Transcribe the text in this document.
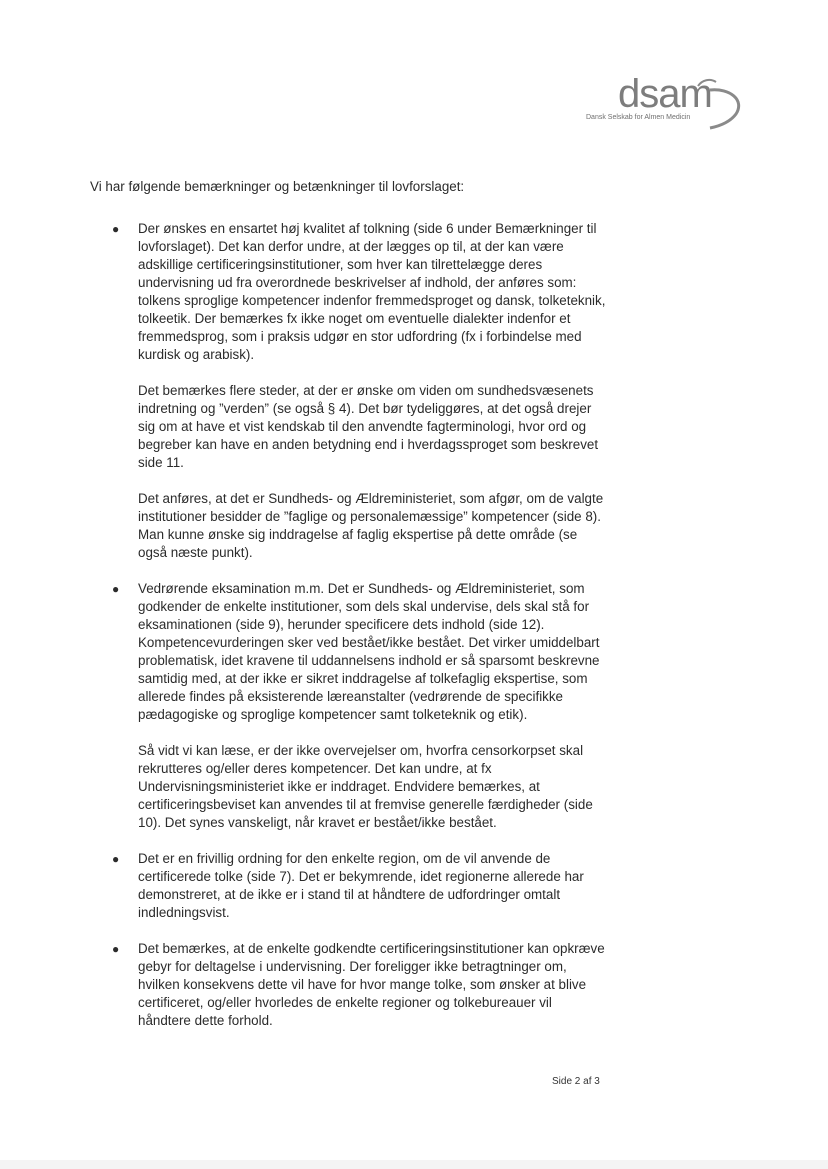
dsam
Dansk Selskab for Almen Medicin

Vi har følgende bemærkninger og betænkninger til lovforslaget:

● Der ønskes en ensartet høj kvalitet af tolkning (side 6 under Bemærkninger til lovforslaget). Det kan derfor undre, at der lægges op til, at der kan være adskillige certificeringsinstitutioner, som hver kan tilrettelægge deres undervisning ud fra overordnede beskrivelser af indhold, der anføres som: tolkens sproglige kompetencer indenfor fremmedsproget og dansk, tolketeknik, tolkeetik. Der bemærkes fx ikke noget om eventuelle dialekter indenfor et fremmedsprog, som i praksis udgør en stor udfordring (fx i forbindelse med kurdisk og arabisk).

Det bemærkes flere steder, at der er ønske om viden om sundhedsvæsenets indretning og ”verden” (se også § 4). Det bør tydeliggøres, at det også drejer sig om at have et vist kendskab til den anvendte fagterminologi, hvor ord og begreber kan have en anden betydning end i hverdagssproget som beskrevet side 11.

Det anføres, at det er Sundheds- og Ældreministeriet, som afgør, om de valgte institutioner besidder de ”faglige og personalemæssige” kompetencer (side 8). Man kunne ønske sig inddragelse af faglig ekspertise på dette område (se også næste punkt).

● Vedrørende eksamination m.m. Det er Sundheds- og Ældreministeriet, som godkender de enkelte institutioner, som dels skal undervise, dels skal stå for eksaminationen (side 9), herunder specificere dets indhold (side 12). Kompetencevurderingen sker ved bestået/ikke bestået. Det virker umiddelbart problematisk, idet kravene til uddannelsens indhold er så sparsomt beskrevne samtidig med, at der ikke er sikret inddragelse af tolkefaglig ekspertise, som allerede findes på eksisterende læreanstalter (vedrørende de specifikke pædagogiske og sproglige kompetencer samt tolketeknik og etik).

Så vidt vi kan læse, er der ikke overvejelser om, hvorfra censorkorpset skal rekrutteres og/eller deres kompetencer. Det kan undre, at fx Undervisningsministeriet ikke er inddraget. Endvidere bemærkes, at certificeringsbeviset kan anvendes til at fremvise generelle færdigheder (side 10). Det synes vanskeligt, når kravet er bestået/ikke bestået.

● Det er en frivillig ordning for den enkelte region, om de vil anvende de certificerede tolke (side 7). Det er bekymrende, idet regionerne allerede har demonstreret, at de ikke er i stand til at håndtere de udfordringer omtalt indledningsvist.

● Det bemærkes, at de enkelte godkendte certificeringsinstitutioner kan opkræve gebyr for deltagelse i undervisning. Der foreligger ikke betragtninger om, hvilken konsekvens dette vil have for hvor mange tolke, som ønsker at blive certificeret, og/eller hvorledes de enkelte regioner og tolkebureauer vil håndtere dette forhold.

Side 2 af 3
